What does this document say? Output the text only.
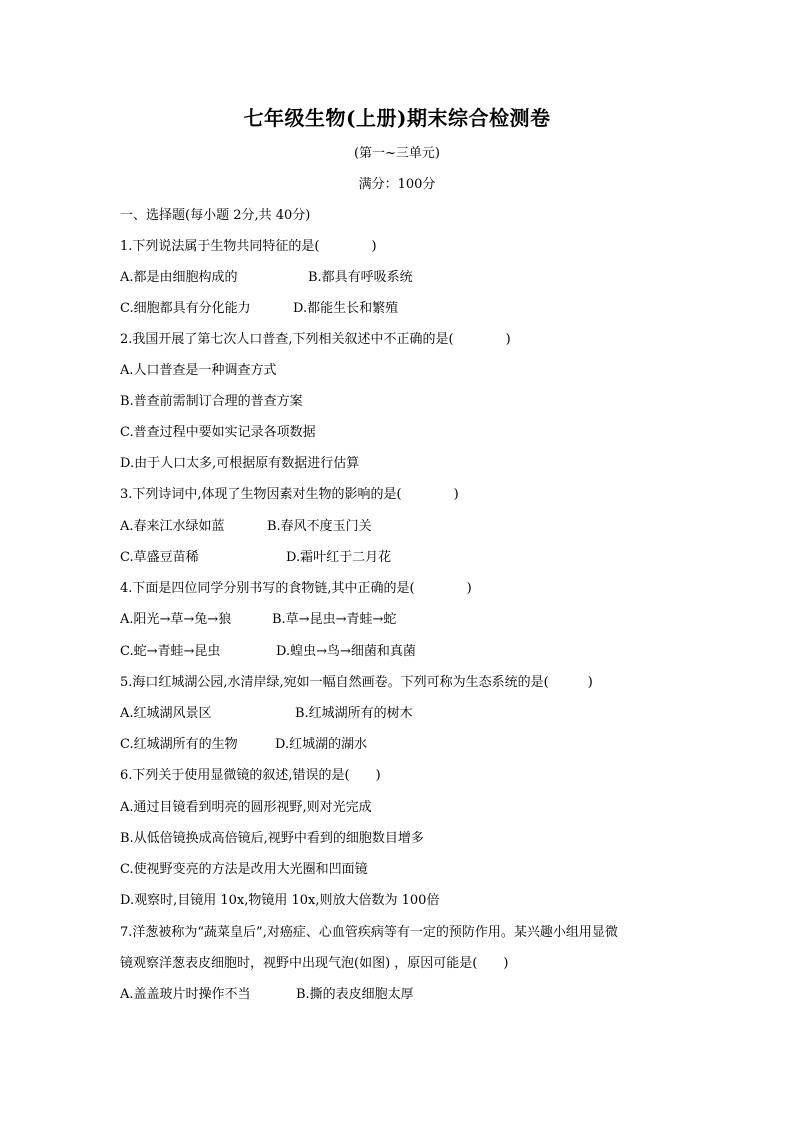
七年级生物(上册)期末综合检测卷
(第一~三单元)
满分：100分
一、选择题(每小题 2分,共 40分)
1.下列说法属于生物共同特征的是(　　　　)
A.都是由细胞构成的	B.都具有呼吸系统
C.细胞都具有分化能力	D.都能生长和繁殖
2.我国开展了第七次人口普查,下列相关叙述中不正确的是(　　　　)
A.人口普查是一种调查方式
B.普查前需制订合理的普查方案
C.普查过程中要如实记录各项数据
D.由于人口太多,可根据原有数据进行估算
3.下列诗词中,体现了生物因素对生物的影响的是(　　　　)
A.春来江水绿如蓝	B.春风不度玉门关
C.草盛豆苗稀	D.霜叶红于二月花
4.下面是四位同学分别书写的食物链,其中正确的是(　　　　)
A.阳光→草→兔→狼	B.草→昆虫→青蛙→蛇
C.蛇→青蛙→昆虫	D.蝗虫→鸟→细菌和真菌
5.海口红城湖公园,水清岸绿,宛如一幅自然画卷。下列可称为生态系统的是(　　　)
A.红城湖风景区	B.红城湖所有的树木
C.红城湖所有的生物	D.红城湖的湖水
6.下列关于使用显微镜的叙述,错误的是(　　)
A.通过目镜看到明亮的圆形视野,则对光完成
B.从低倍镜换成高倍镜后,视野中看到的细胞数目增多
C.使视野变亮的方法是改用大光圈和凹面镜
D.观察时,目镜用 10x,物镜用 10x,则放大倍数为 100倍
7.洋葱被称为“蔬菜皇后”,对癌症、心血管疾病等有一定的预防作用。某兴趣小组用显微
镜观察洋葱表皮细胞时，视野中出现气泡(如图) ，原因可能是(　　)
A.盖盖玻片时操作不当	B.撕的表皮细胞太厚
